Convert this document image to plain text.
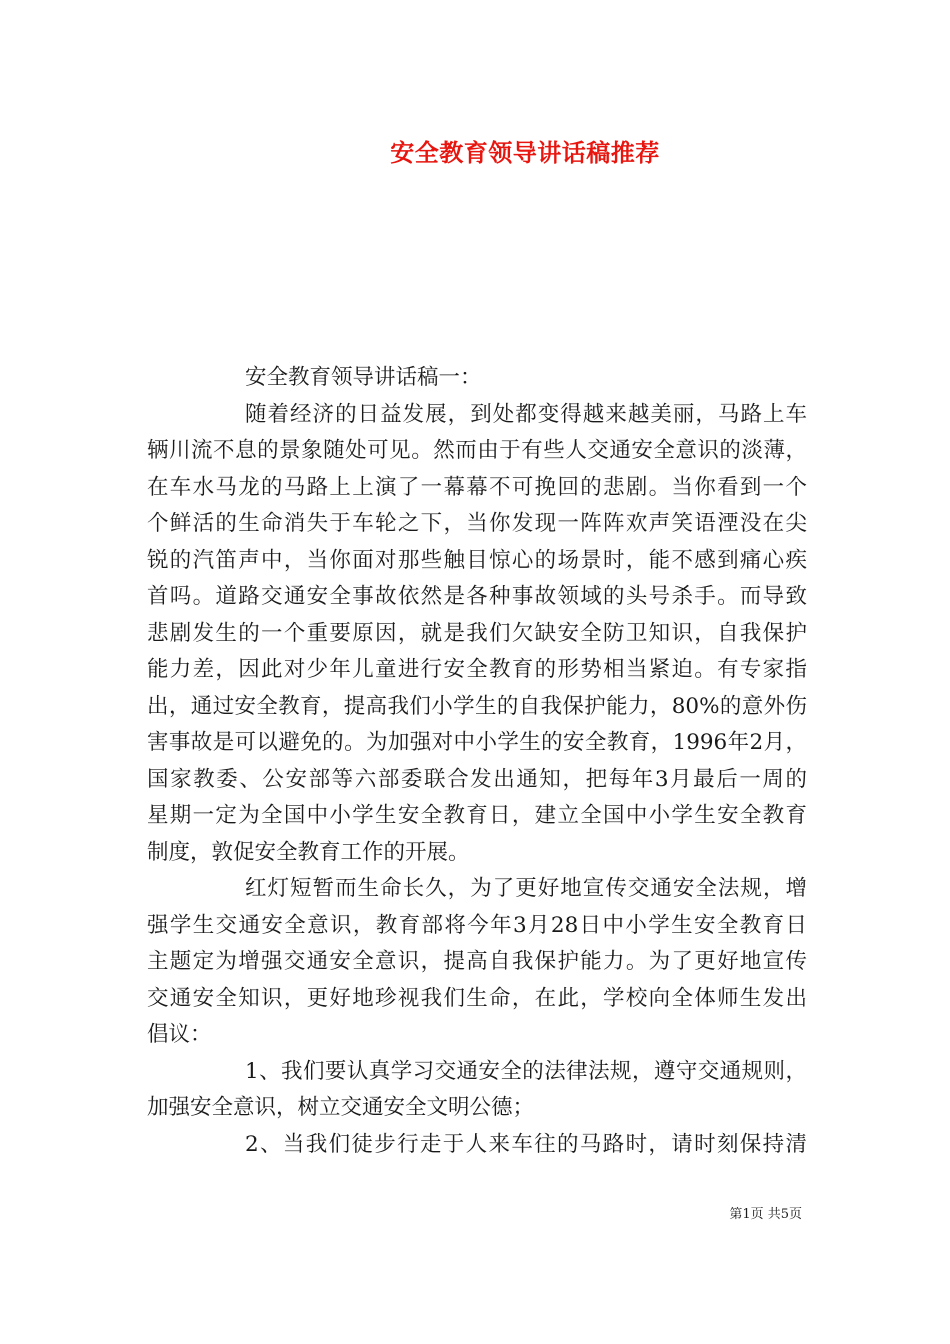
安全教育领导讲话稿推荐
安全教育领导讲话稿一：
随着经济的日益发展，到处都变得越来越美丽，马路上车
辆川流不息的景象随处可见。然而由于有些人交通安全意识的淡薄，
在车水马龙的马路上上演了一幕幕不可挽回的悲剧。当你看到一个
个鲜活的生命消失于车轮之下，当你发现一阵阵欢声笑语湮没在尖
锐的汽笛声中，当你面对那些触目惊心的场景时，能不感到痛心疾
首吗。道路交通安全事故依然是各种事故领域的头号杀手。而导致
悲剧发生的一个重要原因，就是我们欠缺安全防卫知识，自我保护
能力差，因此对少年儿童进行安全教育的形势相当紧迫。有专家指
出，通过安全教育，提高我们小学生的自我保护能力，80%的意外伤
害事故是可以避免的。为加强对中小学生的安全教育，1996年2月，
国家教委、公安部等六部委联合发出通知，把每年3月最后一周的
星期一定为全国中小学生安全教育日，建立全国中小学生安全教育
制度，敦促安全教育工作的开展。
红灯短暂而生命长久，为了更好地宣传交通安全法规，增
强学生交通安全意识，教育部将今年3月28日中小学生安全教育日
主题定为增强交通安全意识，提高自我保护能力。为了更好地宣传
交通安全知识，更好地珍视我们生命，在此，学校向全体师生发出
倡议：
1、我们要认真学习交通安全的法律法规，遵守交通规则，
加强安全意识，树立交通安全文明公德；
2、当我们徒步行走于人来车往的马路时，请时刻保持清
第1页 共5页
